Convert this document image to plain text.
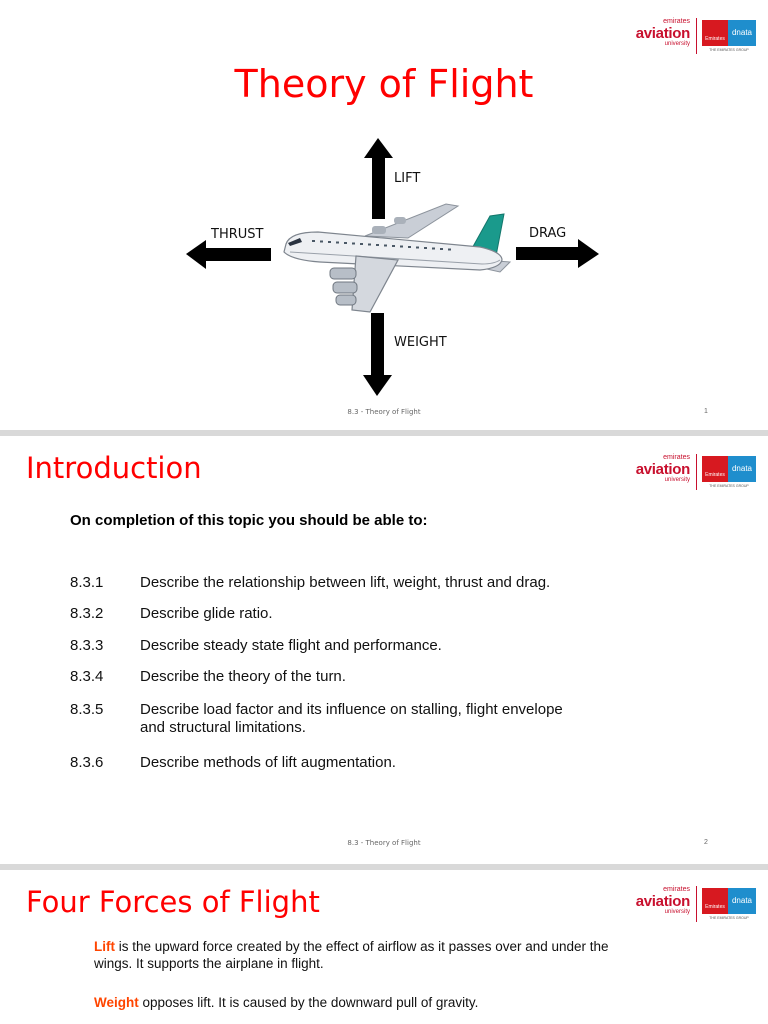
emirates
aviation
university
Emirates
dnata
THE EMIRATES GROUP
Theory of Flight
LIFT
THRUST	DRAG
WEIGHT
8.3 - Theory of Flight	1
Introduction	emirates
aviation
university
Emirates
dnata
THE EMIRATES GROUP
On completion of this topic you should be able to:
8.3.1 Describe the relationship between lift, weight, thrust and drag.
8.3.2 Describe glide ratio.
8.3.3 Describe steady state flight and performance.
8.3.4 Describe the theory of the turn.
8.3.5 Describe load factor and its influence on stalling, flight envelope and structural limitations.
8.3.6 Describe methods of lift augmentation.
8.3 - Theory of Flight	2
Four Forces of Flight	emirates
aviation
university
Emirates
dnata
THE EMIRATES GROUP
Lift is the upward force created by the effect of airflow as it passes over and under the wings. It supports the airplane in flight.
Weight opposes lift. It is caused by the downward pull of gravity.
